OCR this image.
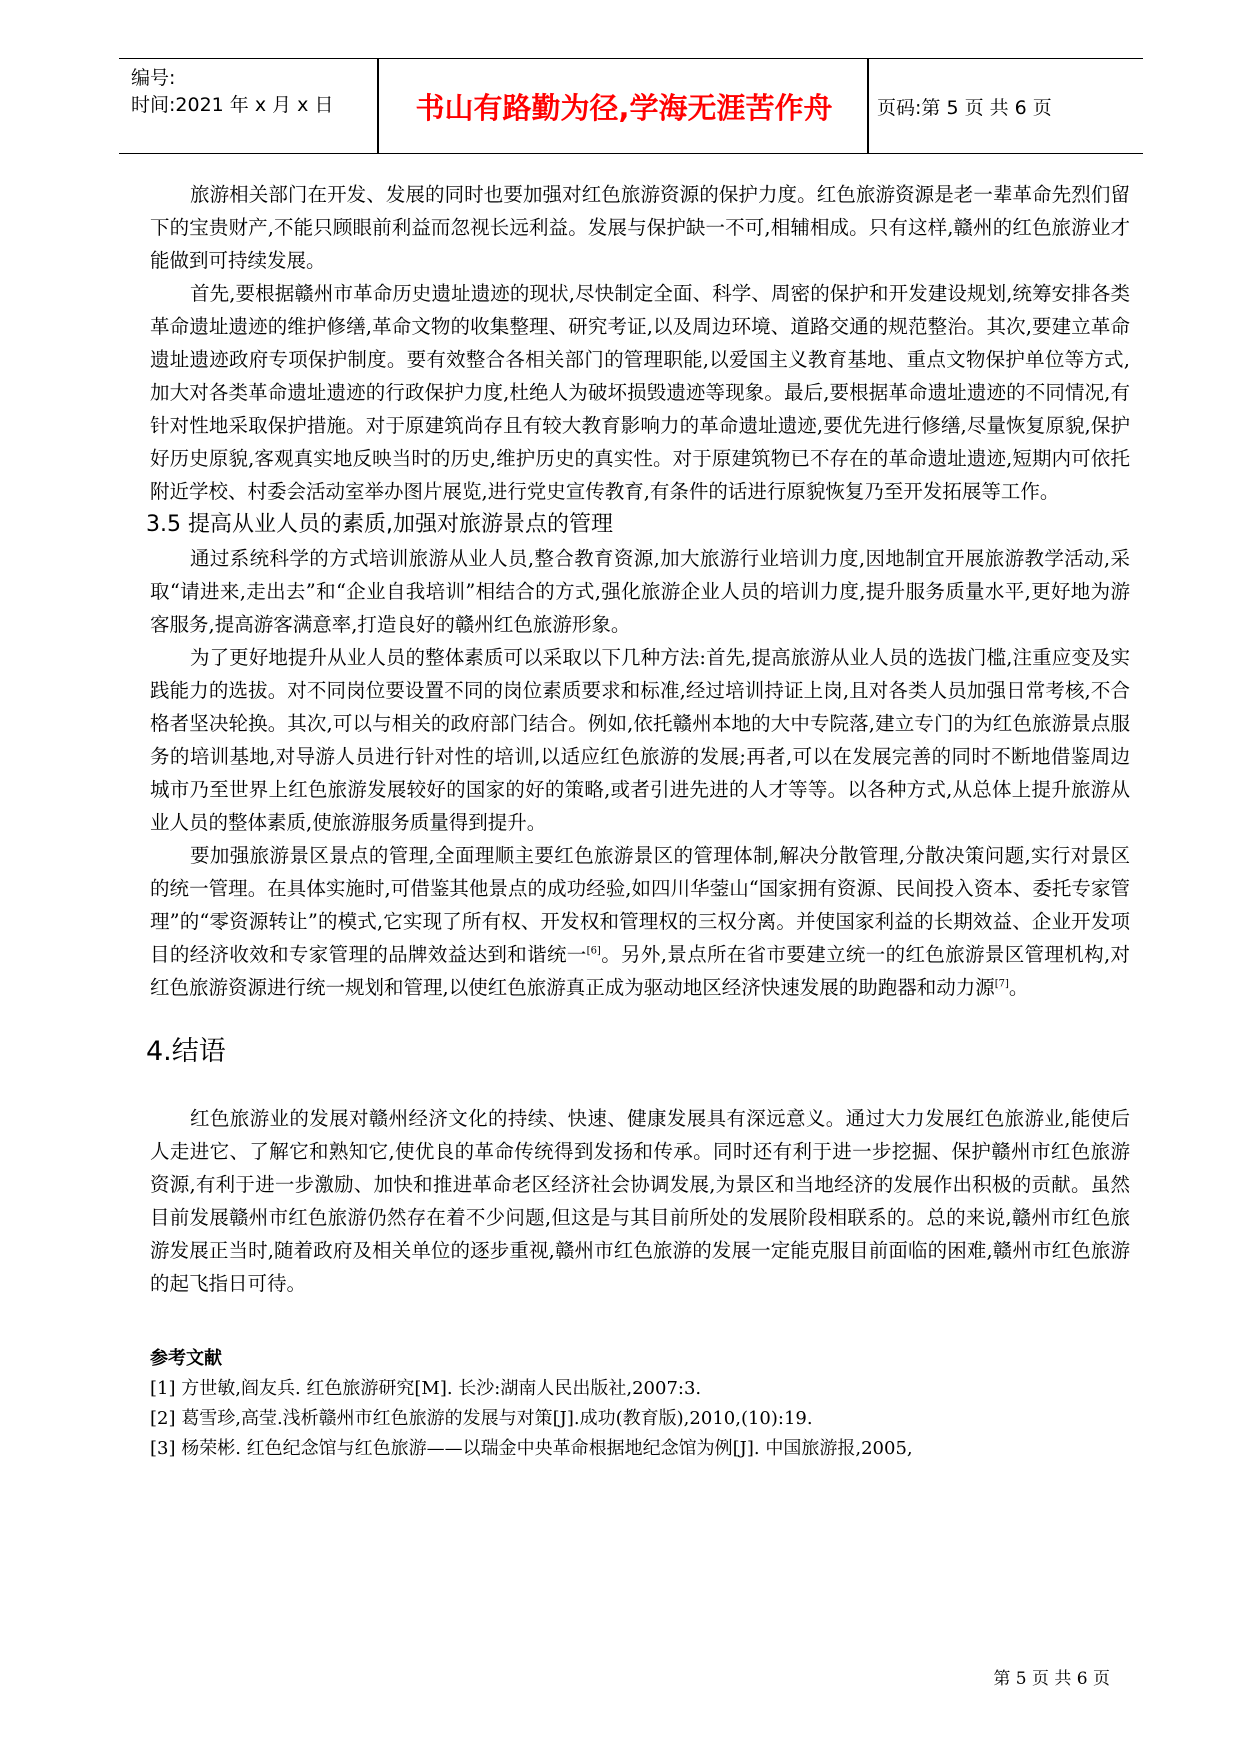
编号:
时间:2021 年 x 月 x 日	书山有路勤为径,学海无涯苦作舟	页码:第 5 页 共 6 页

旅游相关部门在开发、发展的同时也要加强对红色旅游资源的保护力度。红色旅游资源是老一辈革命先烈们留下的宝贵财产,不能只顾眼前利益而忽视长远利益。发展与保护缺一不可,相辅相成。只有这样,赣州的红色旅游业才能做到可持续发展。

首先,要根据赣州市革命历史遗址遗迹的现状,尽快制定全面、科学、周密的保护和开发建设规划,统筹安排各类革命遗址遗迹的维护修缮,革命文物的收集整理、研究考证,以及周边环境、道路交通的规范整治。其次,要建立革命遗址遗迹政府专项保护制度。要有效整合各相关部门的管理职能,以爱国主义教育基地、重点文物保护单位等方式,加大对各类革命遗址遗迹的行政保护力度,杜绝人为破坏损毁遗迹等现象。最后,要根据革命遗址遗迹的不同情况,有针对性地采取保护措施。对于原建筑尚存且有较大教育影响力的革命遗址遗迹,要优先进行修缮,尽量恢复原貌,保护好历史原貌,客观真实地反映当时的历史,维护历史的真实性。对于原建筑物已不存在的革命遗址遗迹,短期内可依托附近学校、村委会活动室举办图片展览,进行党史宣传教育,有条件的话进行原貌恢复乃至开发拓展等工作。

3.5 提高从业人员的素质,加强对旅游景点的管理

通过系统科学的方式培训旅游从业人员,整合教育资源,加大旅游行业培训力度,因地制宜开展旅游教学活动,采取“请进来,走出去”和“企业自我培训”相结合的方式,强化旅游企业人员的培训力度,提升服务质量水平,更好地为游客服务,提高游客满意率,打造良好的赣州红色旅游形象。

为了更好地提升从业人员的整体素质可以采取以下几种方法:首先,提高旅游从业人员的选拔门槛,注重应变及实践能力的选拔。对不同岗位要设置不同的岗位素质要求和标准,经过培训持证上岗,且对各类人员加强日常考核,不合格者坚决轮换。其次,可以与相关的政府部门结合。例如,依托赣州本地的大中专院落,建立专门的为红色旅游景点服务的培训基地,对导游人员进行针对性的培训,以适应红色旅游的发展;再者,可以在发展完善的同时不断地借鉴周边城市乃至世界上红色旅游发展较好的国家的好的策略,或者引进先进的人才等等。以各种方式,从总体上提升旅游从业人员的整体素质,使旅游服务质量得到提升。

要加强旅游景区景点的管理,全面理顺主要红色旅游景区的管理体制,解决分散管理,分散决策问题,实行对景区的统一管理。在具体实施时,可借鉴其他景点的成功经验,如四川华蓥山“国家拥有资源、民间投入资本、委托专家管理”的“零资源转让”的模式,它实现了所有权、开发权和管理权的三权分离。并使国家利益的长期效益、企业开发项目的经济收效和专家管理的品牌效益达到和谐统一[6]。另外,景点所在省市要建立统一的红色旅游景区管理机构,对红色旅游资源进行统一规划和管理,以使红色旅游真正成为驱动地区经济快速发展的助跑器和动力源[7]。

4.结语

红色旅游业的发展对赣州经济文化的持续、快速、健康发展具有深远意义。通过大力发展红色旅游业,能使后人走进它、了解它和熟知它,使优良的革命传统得到发扬和传承。同时还有利于进一步挖掘、保护赣州市红色旅游资源,有利于进一步激励、加快和推进革命老区经济社会协调发展,为景区和当地经济的发展作出积极的贡献。虽然目前发展赣州市红色旅游仍然存在着不少问题,但这是与其目前所处的发展阶段相联系的。总的来说,赣州市红色旅游发展正当时,随着政府及相关单位的逐步重视,赣州市红色旅游的发展一定能克服目前面临的困难,赣州市红色旅游的起飞指日可待。

参考文献

[1] 方世敏,阎友兵. 红色旅游研究[M]. 长沙:湖南人民出版社,2007:3.

[2] 葛雪珍,高莹.浅析赣州市红色旅游的发展与对策[J].成功(教育版),2010,(10):19.

[3] 杨荣彬. 红色纪念馆与红色旅游——以瑞金中央革命根据地纪念馆为例[J]. 中国旅游报,2005,

第 5 页 共 6 页
